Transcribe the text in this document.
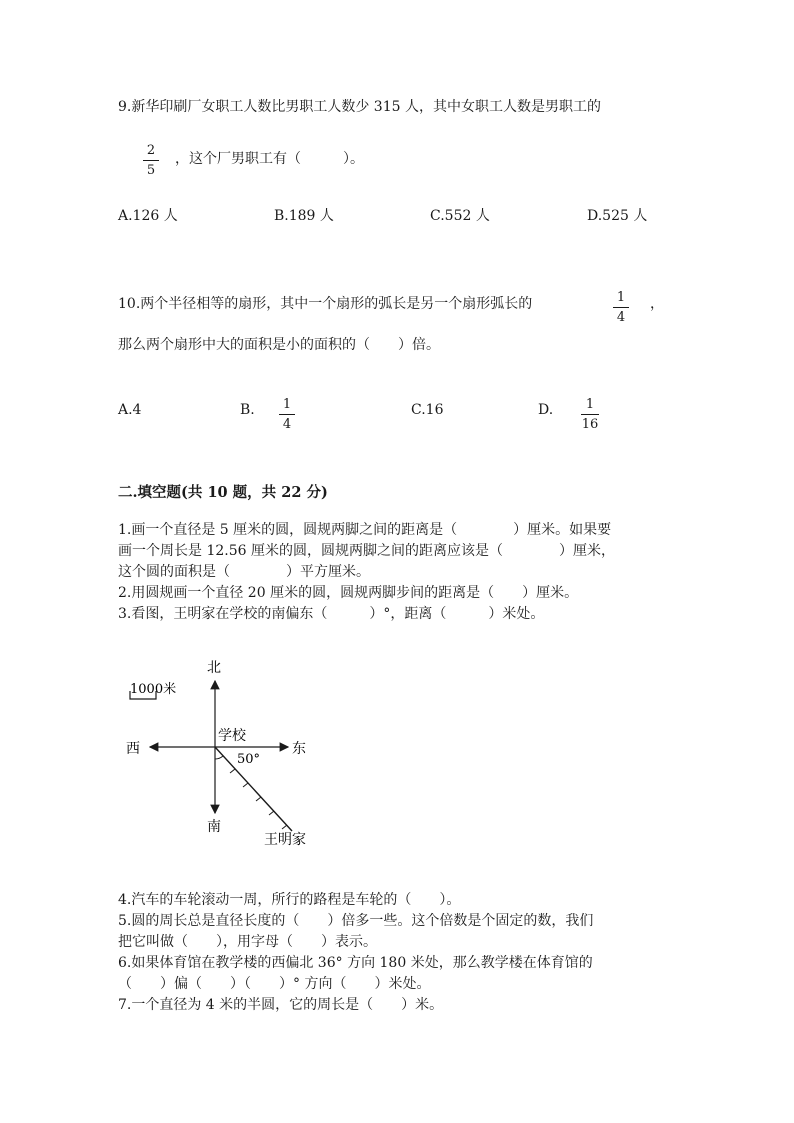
9.新华印刷厂女职工人数比男职工人数少 315 人，其中女职工人数是男职工的
2
5
，这个厂男职工有（　　　）。
A.126 人	B.189 人	C.552 人	D.525 人
10.两个半径相等的扇形，其中一个扇形的弧长是另一个扇形弧长的	1
4
，
那么两个扇形中大的面积是小的面积的（　　）倍。
A.4	B.	1
4
C.16	D.	1
16
二.填空题(共 10 题，共 22 分)
1.画一个直径是 5 厘米的圆，圆规两脚之间的距离是（　　　　）厘米。如果要
画一个周长是 12.56 厘米的圆，圆规两脚之间的距离应该是（　　　　）厘米，
这个圆的面积是（　　　　）平方厘米。
2.用圆规画一个直径 20 厘米的圆，圆规两脚步间的距离是（　　）厘米。
3.看图，王明家在学校的南偏东（　　　）°，距离（　　　）米处。
1000米
北
南
西	东
学校
50°
王明家
4.汽车的车轮滚动一周，所行的路程是车轮的（　　）。
5.圆的周长总是直径长度的（　　）倍多一些。这个倍数是个固定的数，我们
把它叫做（　　），用字母（　　）表示。
6.如果体育馆在教学楼的西偏北 36° 方向 180 米处，那么教学楼在体育馆的
（　　）偏（　　）（　　）° 方向（　　）米处。
7.一个直径为 4 米的半圆，它的周长是（　　）米。
